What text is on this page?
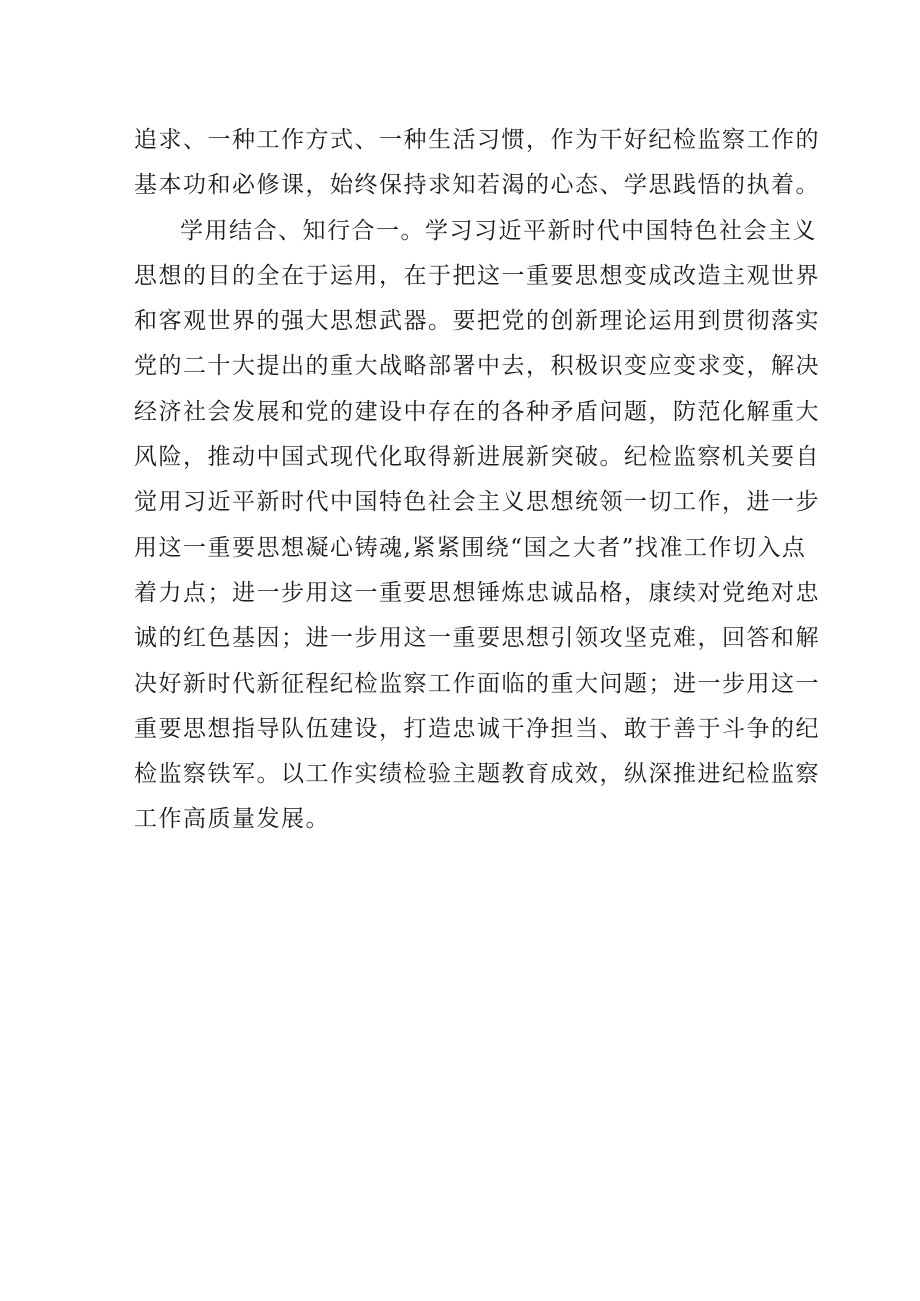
追求、一种工作方式、一种生活习惯，作为干好纪检监察工作的
基本功和必修课，始终保持求知若渴的心态、学思践悟的执着。
学用结合、知行合一。学习习近平新时代中国特色社会主义
思想的目的全在于运用，在于把这一重要思想变成改造主观世界
和客观世界的强大思想武器。要把党的创新理论运用到贯彻落实
党的二十大提出的重大战略部署中去，积极识变应变求变，解决
经济社会发展和党的建设中存在的各种矛盾问题，防范化解重大
风险，推动中国式现代化取得新进展新突破。纪检监察机关要自
觉用习近平新时代中国特色社会主义思想统领一切工作，进一步
用这一重要思想凝心铸魂,紧紧围绕“国之大者”找准工作切入点
着力点；进一步用这一重要思想锤炼忠诚品格，康续对党绝对忠
诚的红色基因；进一步用这一重要思想引领攻坚克难，回答和解
决好新时代新征程纪检监察工作面临的重大问题；进一步用这一
重要思想指导队伍建设，打造忠诚干净担当、敢于善于斗争的纪
检监察铁军。以工作实绩检验主题教育成效，纵深推进纪检监察
工作高质量发展。
